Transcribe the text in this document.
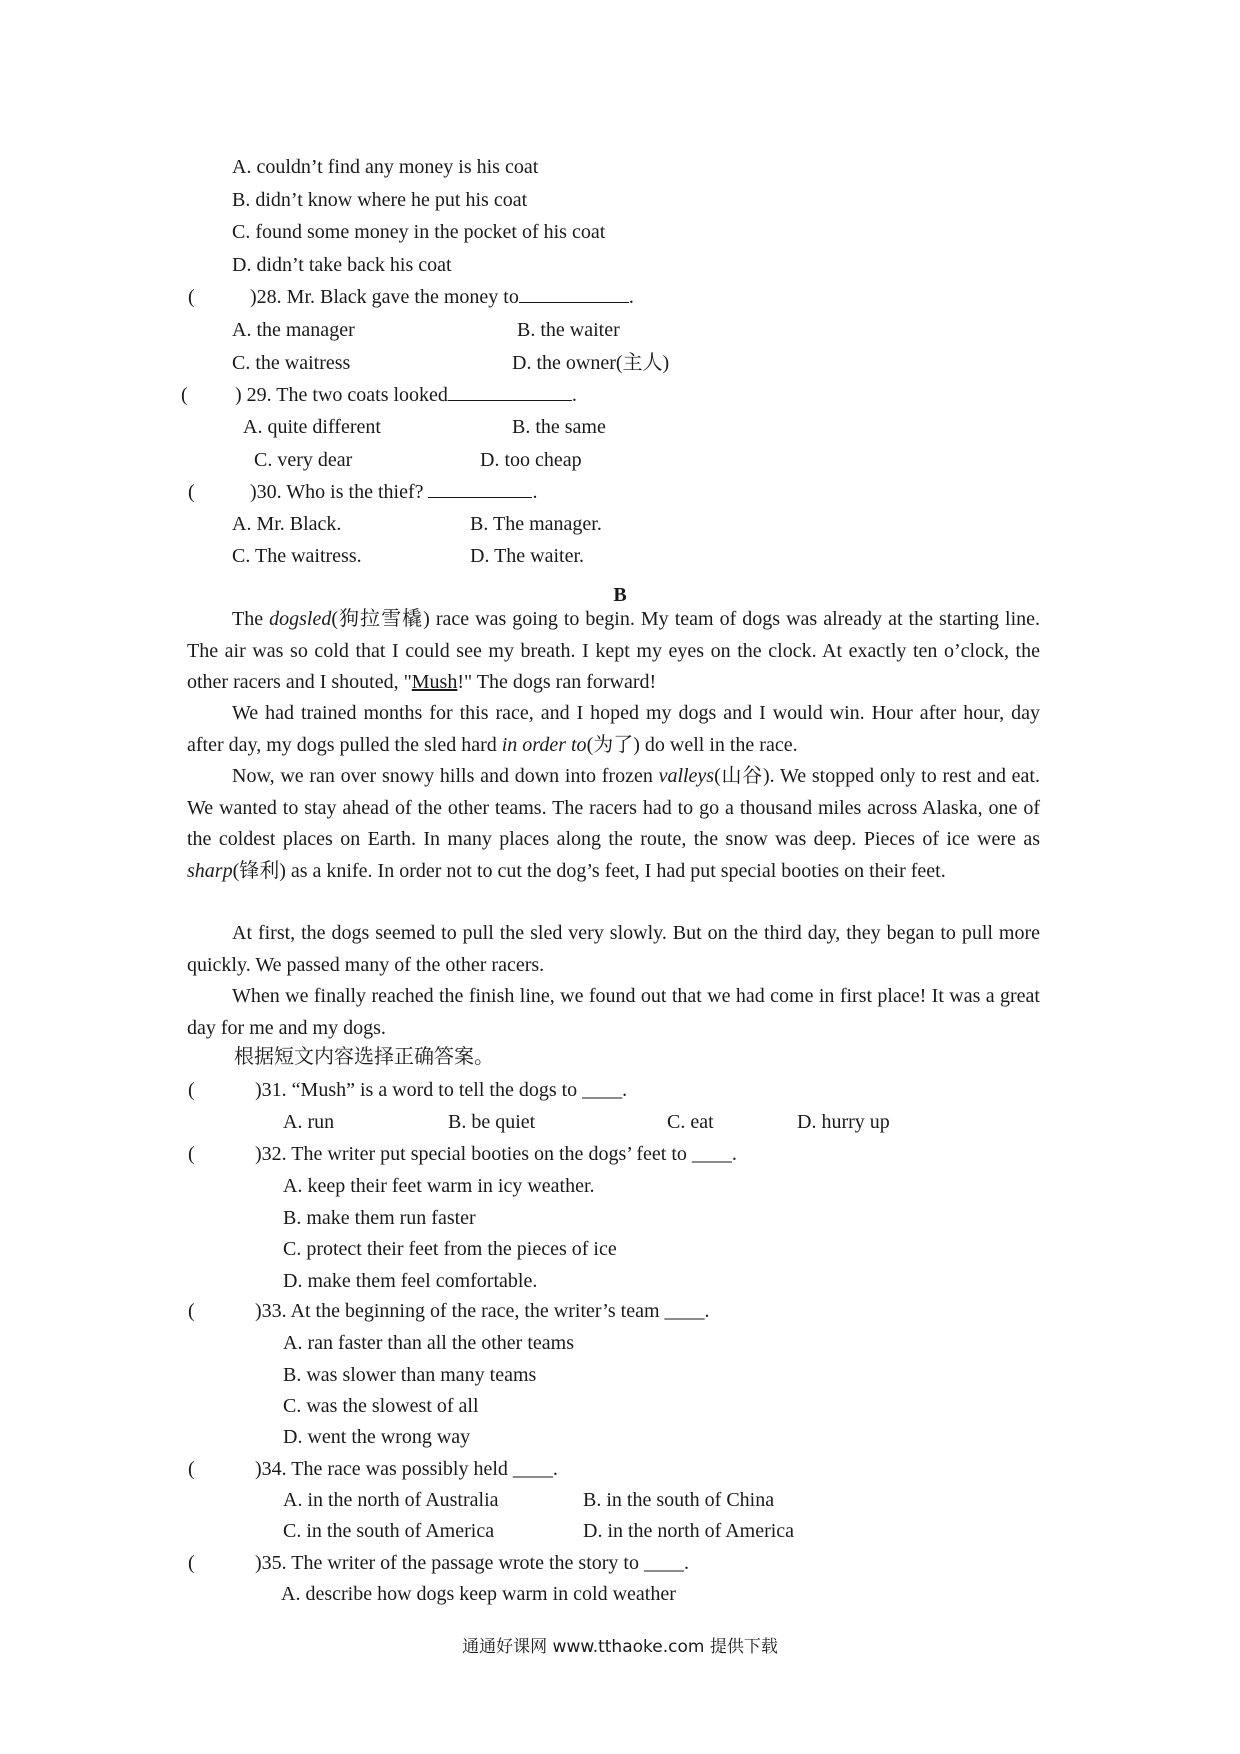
A. couldn’t find any money is his coat
B. didn’t know where he put his coat
C. found some money in the pocket of his coat
D. didn’t take back his coat
(	)28. Mr. Black gave the money to	.
A. the manager	B. the waiter
C. the waitress	D. the owner(主人)
( ) 29. The two coats looked	.
A. quite different	B. the same
C. very dear	D. too cheap
(	)30. Who is the thief?	.
A. Mr. Black.	B. The manager.
C. The waitress.	D. The waiter.
B
The dogsled(狗拉雪橇) race was going to begin. My team of dogs was already at the starting line. The air was so cold that I could see my breath. I kept my eyes on the clock. At exactly ten o’clock, the other racers and I shouted, "Mush!" The dogs ran forward!
We had trained months for this race, and I hoped my dogs and I would win. Hour after hour, day after day, my dogs pulled the sled hard in order to(为了) do well in the race.
Now, we ran over snowy hills and down into frozen valleys(山谷). We stopped only to rest and eat. We wanted to stay ahead of the other teams. The racers had to go a thousand miles across Alaska, one of the coldest places on Earth. In many places along the route, the snow was deep. Pieces of ice were as sharp(锋利) as a knife. In order not to cut the dog’s feet, I had put special booties on their feet.
At first, the dogs seemed to pull the sled very slowly. But on the third day, they began to pull more quickly. We passed many of the other racers.
When we finally reached the finish line, we found out that we had come in first place! It was a great day for me and my dogs.
根据短文内容选择正确答案。
(	)31. “Mush” is a word to tell the dogs to ____.
A. run	B. be quiet	C. eat	D. hurry up
(	)32. The writer put special booties on the dogs’ feet to ____.
A. keep their feet warm in icy weather.
B. make them run faster
C. protect their feet from the pieces of ice
D. make them feel comfortable.
(	)33. At the beginning of the race, the writer’s team ____.
A. ran faster than all the other teams
B. was slower than many teams
C. was the slowest of all
D. went the wrong way
(	)34. The race was possibly held ____.
A. in the north of Australia	B. in the south of China
C. in the south of America	D. in the north of America
(	)35. The writer of the passage wrote the story to ____.
A. describe how dogs keep warm in cold weather
通通好课网 www.tthaoke.com 提供下载
